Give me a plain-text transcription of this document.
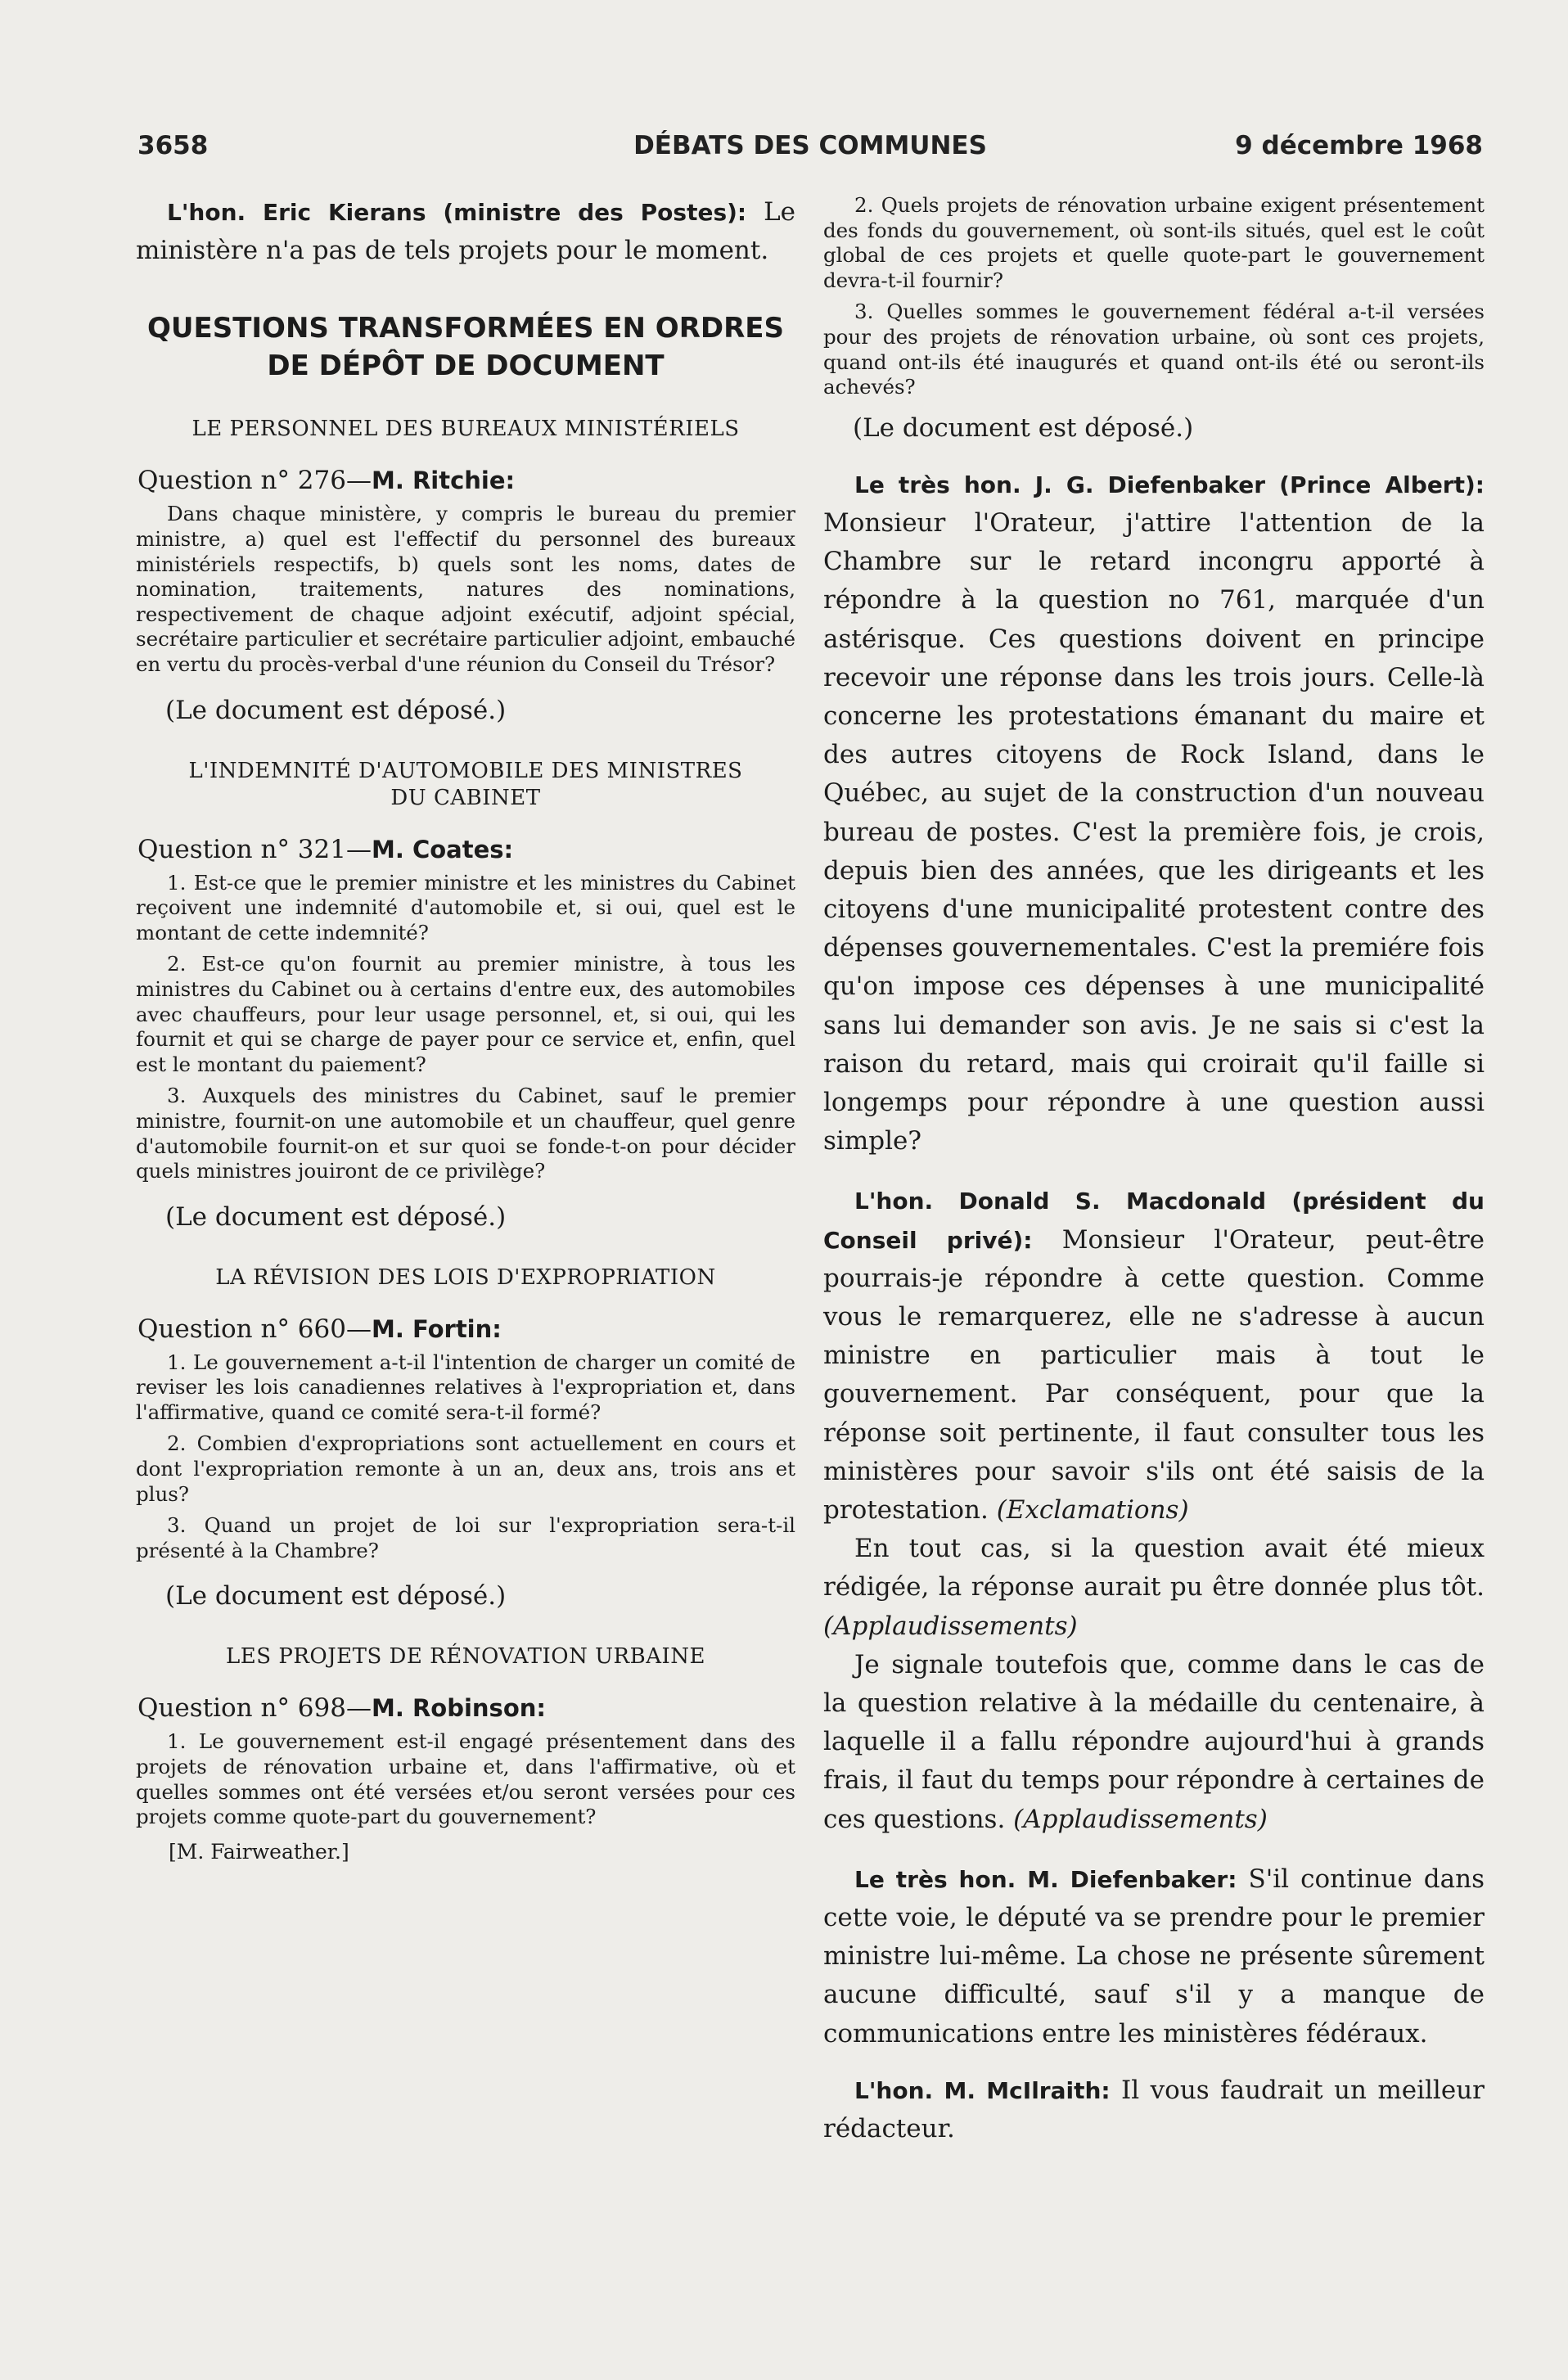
3658	DÉBATS DES COMMUNES	9 décembre 1968

L'hon. Eric Kierans (ministre des Postes): Le ministère n'a pas de tels projets pour le moment.

QUESTIONS TRANSFORMÉES EN ORDRES
DE DÉPÔT DE DOCUMENT
LE PERSONNEL DES BUREAUX MINISTÉRIELS

Question n° 276—M. Ritchie:

Dans chaque ministère, y compris le bureau du premier ministre, a) quel est l'effectif du personnel des bureaux ministériels respectifs, b) quels sont les noms, dates de nomination, traitements, natures des nominations, respectivement de chaque adjoint exécutif, adjoint spécial, secrétaire particulier et secrétaire particulier adjoint, embauché en vertu du procès-verbal d'une réunion du Conseil du Trésor?

(Le document est déposé.)

L'INDEMNITÉ D'AUTOMOBILE DES MINISTRES
DU CABINET

Question n° 321—M. Coates:

1. Est-ce que le premier ministre et les ministres du Cabinet reçoivent une indemnité d'automobile et, si oui, quel est le montant de cette indemnité?

2. Est-ce qu'on fournit au premier ministre, à tous les ministres du Cabinet ou à certains d'entre eux, des automobiles avec chauffeurs, pour leur usage personnel, et, si oui, qui les fournit et qui se charge de payer pour ce service et, enfin, quel est le montant du paiement?

3. Auxquels des ministres du Cabinet, sauf le premier ministre, fournit-on une automobile et un chauffeur, quel genre d'automobile fournit-on et sur quoi se fonde-t-on pour décider quels ministres jouiront de ce privilège?

(Le document est déposé.)

LA RÉVISION DES LOIS D'EXPROPRIATION

Question n° 660—M. Fortin:

1. Le gouvernement a-t-il l'intention de charger un comité de reviser les lois canadiennes relatives à l'expropriation et, dans l'affirmative, quand ce comité sera-t-il formé?

2. Combien d'expropriations sont actuellement en cours et dont l'expropriation remonte à un an, deux ans, trois ans et plus?

3. Quand un projet de loi sur l'expropriation sera-t-il présenté à la Chambre?

(Le document est déposé.)

LES PROJETS DE RÉNOVATION URBAINE

Question n° 698—M. Robinson:

1. Le gouvernement est-il engagé présentement dans des projets de rénovation urbaine et, dans l'affirmative, où et quelles sommes ont été versées et/ou seront versées pour ces projets comme quote-part du gouvernement?

[M. Fairweather.]

2. Quels projets de rénovation urbaine exigent présentement des fonds du gouvernement, où sont-ils situés, quel est le coût global de ces projets et quelle quote-part le gouvernement devra-t-il fournir?

3. Quelles sommes le gouvernement fédéral a-t-il versées pour des projets de rénovation urbaine, où sont ces projets, quand ont-ils été inaugurés et quand ont-ils été ou seront-ils achevés?

(Le document est déposé.)

Le très hon. J. G. Diefenbaker (Prince Albert): Monsieur l'Orateur, j'attire l'attention de la Chambre sur le retard incongru apporté à répondre à la question no 761, marquée d'un astérisque. Ces questions doivent en principe recevoir une réponse dans les trois jours. Celle-là concerne les protestations émanant du maire et des autres citoyens de Rock Island, dans le Québec, au sujet de la construction d'un nouveau bureau de postes. C'est la première fois, je crois, depuis bien des années, que les dirigeants et les citoyens d'une municipalité protestent contre des dépenses gouvernementales. C'est la premiére fois qu'on impose ces dépenses à une municipalité sans lui demander son avis. Je ne sais si c'est la raison du retard, mais qui croirait qu'il faille si longemps pour répondre à une question aussi simple?

L'hon. Donald S. Macdonald (président du Conseil privé): Monsieur l'Orateur, peut-être pourrais-je répondre à cette question. Comme vous le remarquerez, elle ne s'adresse à aucun ministre en particulier mais à tout le gouvernement. Par conséquent, pour que la réponse soit pertinente, il faut consulter tous les ministères pour savoir s'ils ont été saisis de la protestation. (Exclamations)

En tout cas, si la question avait été mieux rédigée, la réponse aurait pu être donnée plus tôt. (Applaudissements)

Je signale toutefois que, comme dans le cas de la question relative à la médaille du centenaire, à laquelle il a fallu répondre aujourd'hui à grands frais, il faut du temps pour répondre à certaines de ces questions. (Applaudissements)

Le très hon. M. Diefenbaker: S'il continue dans cette voie, le député va se prendre pour le premier ministre lui-même. La chose ne présente sûrement aucune difficulté, sauf s'il y a manque de communications entre les ministères fédéraux.

L'hon. M. McIlraith: Il vous faudrait un meilleur rédacteur.
